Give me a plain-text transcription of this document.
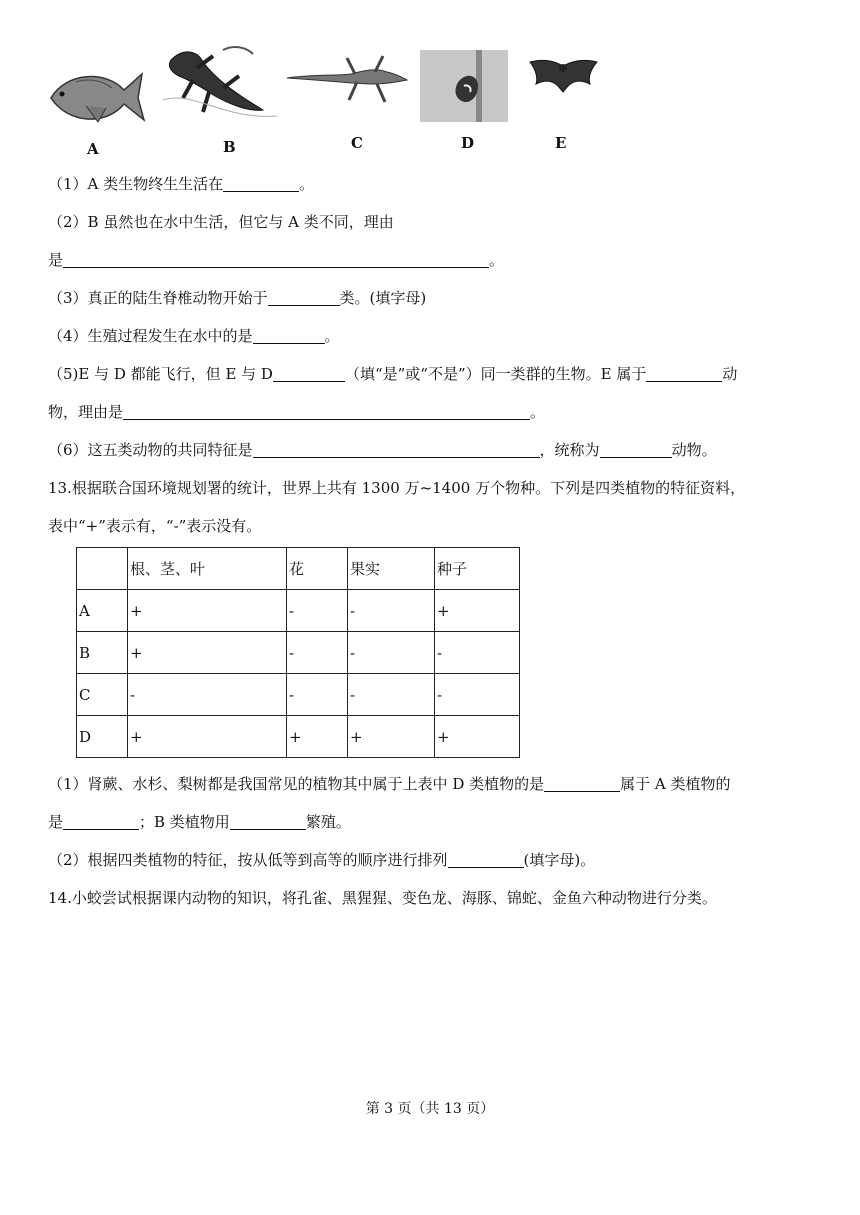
A	B	C	D	E
（1）A 类生物终生生活在	。
（2）B 虽然也在水中生活，但它与 A 类不同，理由
是	。
（3）真正的陆生脊椎动物开始于	类。(填字母)
（4）生殖过程发生在水中的是	。
（5)E 与 D 都能飞行，但 E 与 D	（填“是”或“不是”）同一类群的生物。E 属于	动
物，理由是	。
（6）这五类动物的共同特征是	，统称为	动物。
13.根据联合国环境规划署的统计，世界上共有 1300 万~1400 万个物种。下列是四类植物的特征资料，
表中“+”表示有，“-”表示没有。
	根、茎、叶	花	果实	种子
A	+	-	-	+
B	+	-	-	-
C	-	-	-	-
D	+	+	+	+
（1）肾蕨、水杉、梨树都是我国常见的植物其中属于上表中 D 类植物的是	属于 A 类植物的
是	；B 类植物用	繁殖。
（2）根据四类植物的特征，按从低等到高等的顺序进行排列	(填字母)。
14.小蛟尝试根据课内动物的知识，将孔雀、黑猩猩、变色龙、海豚、锦蛇、金鱼六种动物进行分类。
第 3 页（共 13 页）
